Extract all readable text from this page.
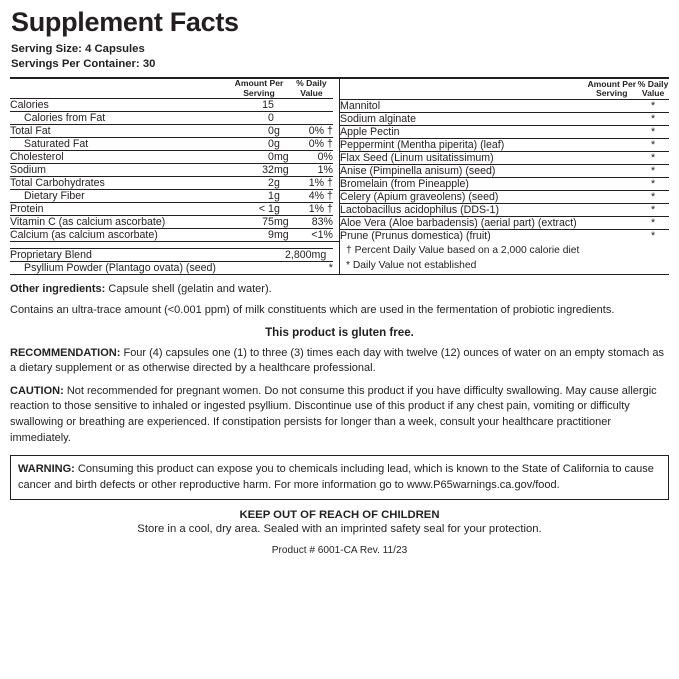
Supplement Facts
Serving Size: 4 Capsules
Servings Per Container: 30
	Amount Per
Serving	% Daily
Value
Calories	15		
Calories from Fat	0		
Total Fat	0	g	0% †
Saturated Fat	0	g	0% †
Cholesterol	0	mg	0%
Sodium	32	mg	1%
Total Carbohydrates	2	g	1% †
Dietary Fiber	1	g	4% †
Protein	< 1	g	1% †
Vitamin C (as calcium ascorbate)	75	mg	83%
Calcium (as calcium ascorbate)	9	mg	<1%

	Amount Per
Serving	% Daily
Value
Mannitol		*
Sodium alginate		*
Apple Pectin		*
Peppermint (Mentha piperita) (leaf)		*
Flax Seed (Linum usitatissimum)		*
Anise (Pimpinella anisum) (seed)		*
Bromelain (from Pineapple)		*
Celery (Apium graveolens) (seed)		*
Lactobacillus acidophilus (DDS-1)		*
Aloe Vera (Aloe barbadensis) (aerial part) (extract)		*
Prune (Prunus domestica) (fruit)		*

Proprietary Blend	2,800	mg	
Psyllium Powder (Plantago ovata) (seed)			*

† Percent Daily Value based on a 2,000 calorie diet
* Daily Value not established
Other ingredients: Capsule shell (gelatin and water).
Contains an ultra-trace amount (<0.001 ppm) of milk constituents which are used in the fermentation of probiotic ingredients.
This product is gluten free.
RECOMMENDATION: Four (4) capsules one (1) to three (3) times each day with twelve (12) ounces of water on an empty stomach as a dietary supplement or as otherwise directed by a healthcare professional.
CAUTION: Not recommended for pregnant women. Do not consume this product if you have difficulty swallowing. May cause allergic reaction to those sensitive to inhaled or ingested psyllium. Discontinue use of this product if any chest pain, vomiting or difficulty swallowing or breathing are experienced. If constipation persists for longer than a week, consult your healthcare practitioner immediately.
WARNING: Consuming this product can expose you to chemicals including lead, which is known to the State of California to cause cancer and birth defects or other reproductive harm. For more information go to www.P65warnings.ca.gov/food.
KEEP OUT OF REACH OF CHILDREN
Store in a cool, dry area. Sealed with an imprinted safety seal for your protection.
Product # 6001-CA Rev. 11/23
